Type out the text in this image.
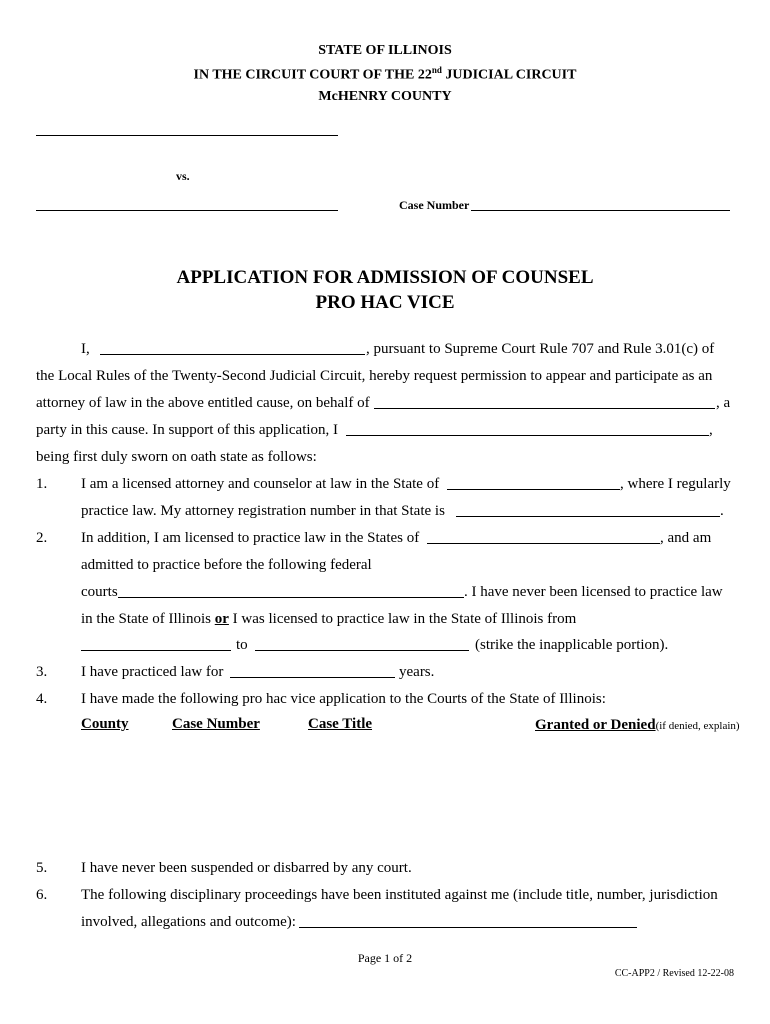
STATE OF ILLINOIS
IN THE CIRCUIT COURT OF THE 22nd JUDICIAL CIRCUIT
McHENRY COUNTY
vs.
Case Number
APPLICATION FOR ADMISSION OF COUNSEL
PRO HAC VICE
I,	, pursuant to Supreme Court Rule 707 and Rule 3.01(c) of
the Local Rules of the Twenty-Second Judicial Circuit, hereby request permission to appear and participate as an
attorney of law in the above entitled cause, on behalf of	, a
party in this cause. In support of this application, I	,
being first duly sworn on oath state as follows:
1. I am a licensed attorney and counselor at law in the State of	, where I regularly
practice law. My attorney registration number in that State is	.
2. In addition, I am licensed to practice law in the States of	, and am
admitted to practice before the following federal
courts	. I have never been licensed to practice law
in the State of Illinois or I was licensed to practice law in the State of Illinois from
to	(strike the inapplicable portion).
3. I have practiced law for	years.
4. I have made the following pro hac vice application to the Courts of the State of Illinois:
County	Case Number	Case Title	Granted or Denied(if denied, explain)
5. I have never been suspended or disbarred by any court.
6. The following disciplinary proceedings have been instituted against me (include title, number, jurisdiction
involved, allegations and outcome):
Page 1 of 2
CC-APP2 / Revised 12-22-08
